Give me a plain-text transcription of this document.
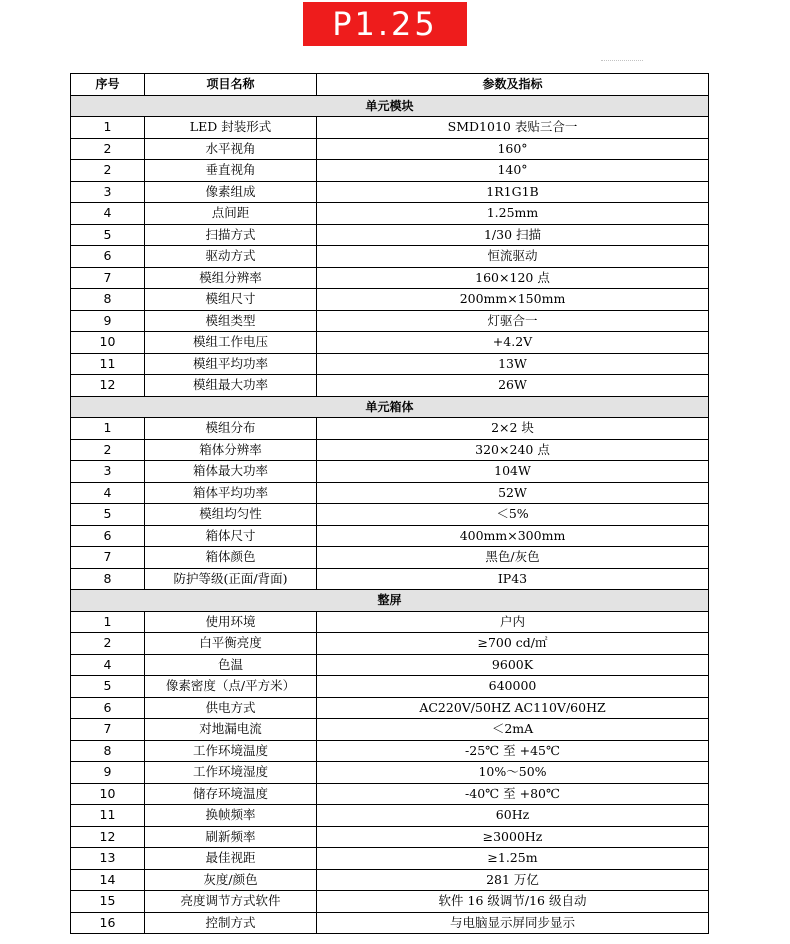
P1.25
序号	项目名称	参数及指标
单元模块		
1	LED 封装形式	SMD1010 表贴三合一
2	水平视角	160°
2	垂直视角	140°
3	像素组成	1R1G1B
4	点间距	1.25mm
5	扫描方式	1/30 扫描
6	驱动方式	恒流驱动
7	模组分辨率	160×120 点
8	模组尺寸	200mm×150mm
9	模组类型	灯驱合一
10	模组工作电压	+4.2V
11	模组平均功率	13W
12	模组最大功率	26W
单元箱体		
1	模组分布	2×2 块
2	箱体分辨率	320×240 点
3	箱体最大功率	104W
4	箱体平均功率	52W
5	模组均匀性	＜5%
6	箱体尺寸	400mm×300mm
7	箱体颜色	黑色/灰色
8	防护等级(正面/背面)	IP43
整屏		
1	使用环境	户内
2	白平衡亮度	≥700 cd/㎡
4	色温	9600K
5	像素密度（点/平方米）	640000
6	供电方式	AC220V/50HZ AC110V/60HZ
7	对地漏电流	＜2mA
8	工作环境温度	-25℃ 至 +45℃
9	工作环境湿度	10%～50%
10	储存环境温度	-40℃ 至 +80℃
11	换帧频率	60Hz
12	刷新频率	≥3000Hz
13	最佳视距	≥1.25m
14	灰度/颜色	281 万亿
15	亮度调节方式软件	软件 16 级调节/16 级自动
16	控制方式	与电脑显示屏同步显示
